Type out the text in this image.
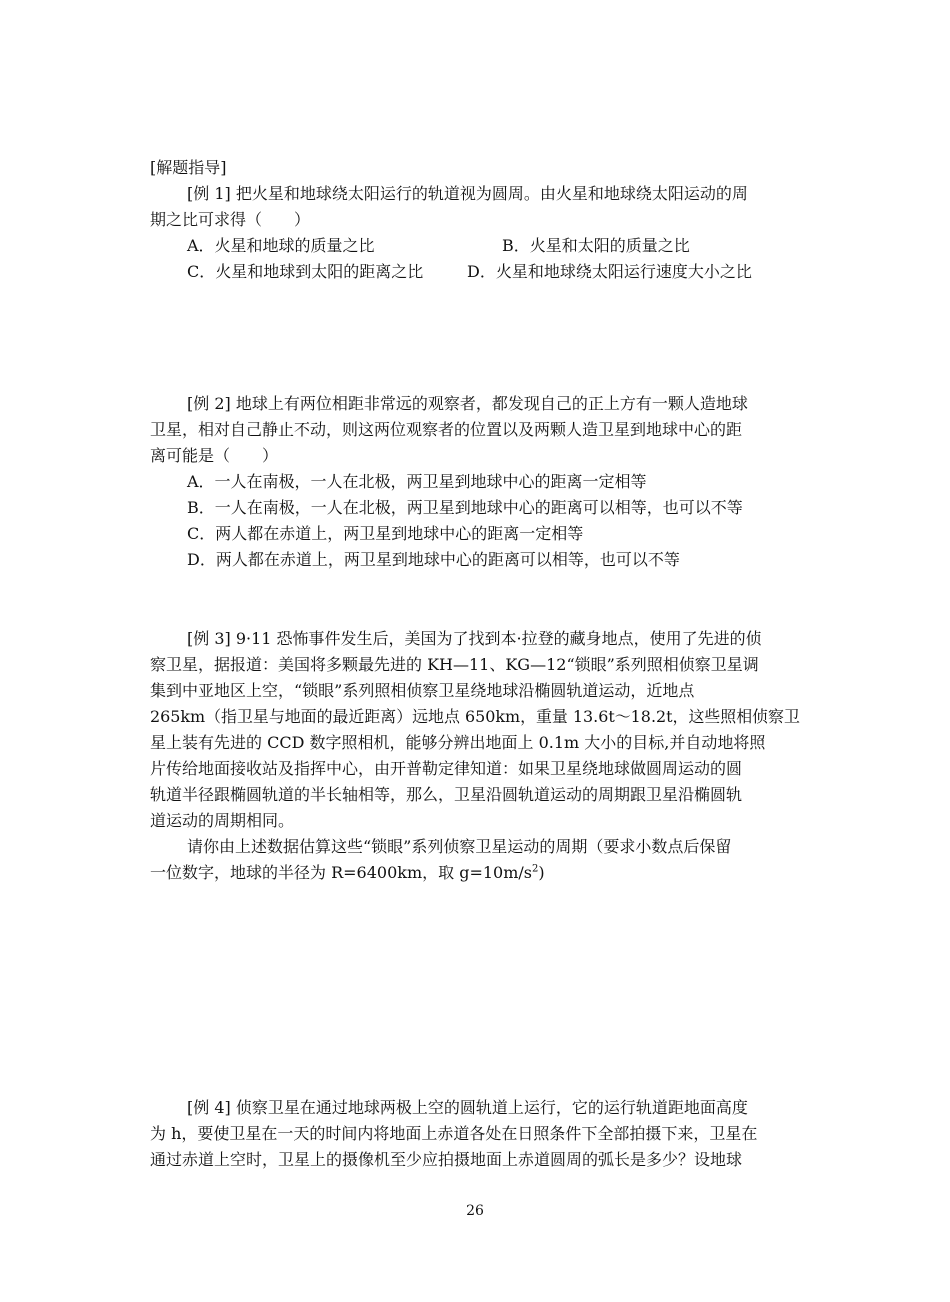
[解题指导]
[例 1] 把火星和地球绕太阳运行的轨道视为圆周。由火星和地球绕太阳运动的周
期之比可求得（　　）
A．火星和地球的质量之比	B．火星和太阳的质量之比
C．火星和地球到太阳的距离之比	D．火星和地球绕太阳运行速度大小之比
[例 2] 地球上有两位相距非常远的观察者，都发现自己的正上方有一颗人造地球
卫星，相对自己静止不动，则这两位观察者的位置以及两颗人造卫星到地球中心的距
离可能是（　　）
A．一人在南极，一人在北极，两卫星到地球中心的距离一定相等
B．一人在南极，一人在北极，两卫星到地球中心的距离可以相等，也可以不等
C．两人都在赤道上，两卫星到地球中心的距离一定相等
D．两人都在赤道上，两卫星到地球中心的距离可以相等，也可以不等
[例 3] 9·11 恐怖事件发生后，美国为了找到本·拉登的藏身地点，使用了先进的侦
察卫星，据报道：美国将多颗最先进的 KH—11、KG—12“锁眼”系列照相侦察卫星调
集到中亚地区上空，“锁眼”系列照相侦察卫星绕地球沿椭圆轨道运动，近地点
265km（指卫星与地面的最近距离）远地点 650km，重量 13.6t～18.2t，这些照相侦察卫
星上装有先进的 CCD 数字照相机，能够分辨出地面上 0.1m 大小的目标,并自动地将照
片传给地面接收站及指挥中心，由开普勒定律知道：如果卫星绕地球做圆周运动的圆
轨道半径跟椭圆轨道的半长轴相等，那么，卫星沿圆轨道运动的周期跟卫星沿椭圆轨
道运动的周期相同。
请你由上述数据估算这些“锁眼”系列侦察卫星运动的周期（要求小数点后保留
一位数字，地球的半径为 R=6400km，取 $g=10m/s^2$)
[例 4] 侦察卫星在通过地球两极上空的圆轨道上运行，它的运行轨道距地面高度
为 h，要使卫星在一天的时间内将地面上赤道各处在日照条件下全部拍摄下来，卫星在
通过赤道上空时，卫星上的摄像机至少应拍摄地面上赤道圆周的弧长是多少？设地球
26
